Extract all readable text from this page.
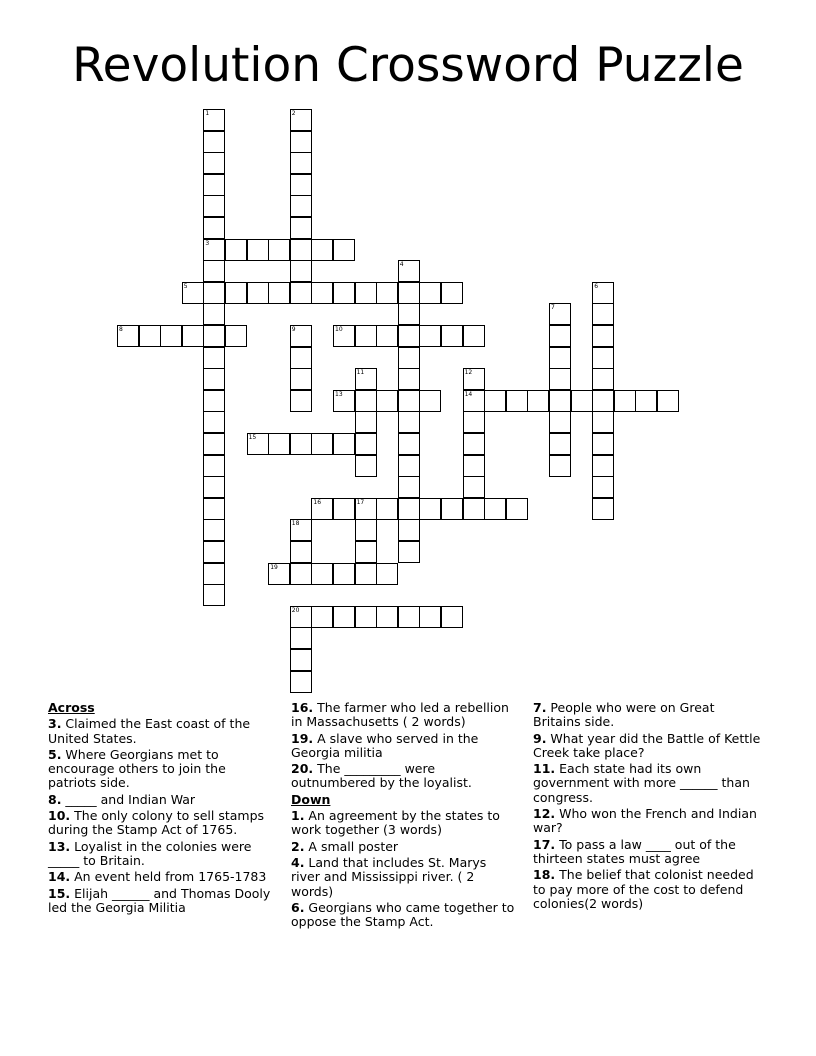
Revolution Crossword Puzzle
1
3
2
4
5	6
7
8	9	10
11	12
14
13
15
16	17
18
19
20
Across
3. Claimed the East coast of the United States.
5. Where Georgians met to encourage others to join the patriots side.
8. _____ and Indian War
10. The only colony to sell stamps during the Stamp Act of 1765.
13. Loyalist in the colonies were _____ to Britain.
14. An event held from 1765-1783
15. Elijah ______ and Thomas Dooly led the Georgia Militia
16. The farmer who led a rebellion in Massachusetts ( 2 words)
19. A slave who served in the Georgia militia
20. The _________ were outnumbered by the loyalist.
Down
1. An agreement by the states to work together (3 words)
2. A small poster
4. Land that includes St. Marys river and Mississippi river. ( 2 words)
6. Georgians who came together to oppose the Stamp Act.
7. People who were on Great Britains side.
9. What year did the Battle of Kettle Creek take place?
11. Each state had its own government with more ______ than congress.
12. Who won the French and Indian war?
17. To pass a law ____ out of the thirteen states must agree
18. The belief that colonist needed to pay more of the cost to defend colonies(2 words)
